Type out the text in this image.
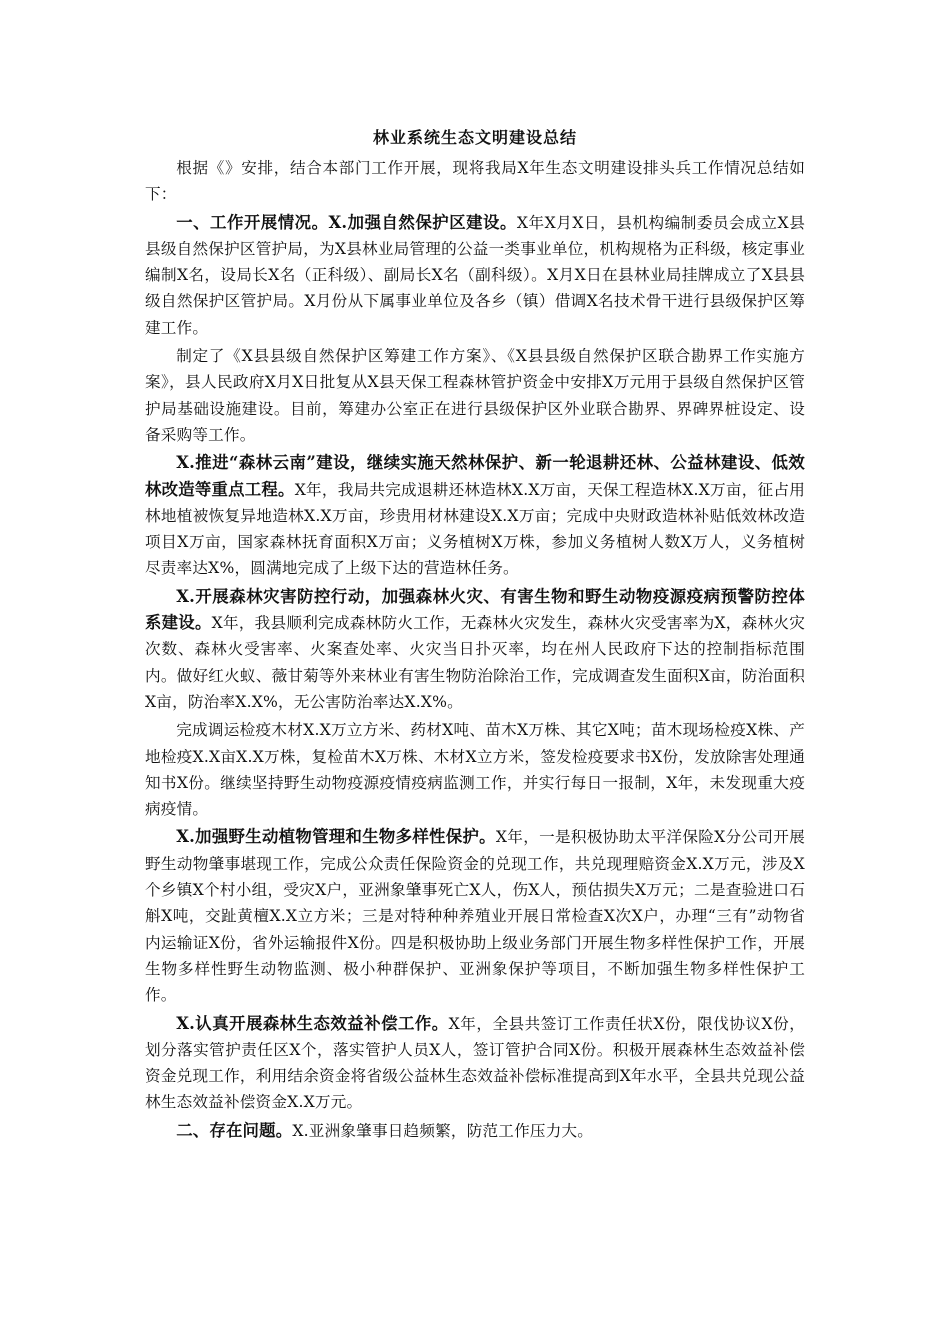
林业系统生态文明建设总结

根据《》安排，结合本部门工作开展，现将我局X年生态文明建设排头兵工作情况总结如下：

一、工作开展情况。X.加强自然保护区建设。X年X月X日，县机构编制委员会成立X县县级自然保护区管护局，为X县林业局管理的公益一类事业单位，机构规格为正科级，核定事业编制X名，设局长X名（正科级）、副局长X名（副科级）。X月X日在县林业局挂牌成立了X县县级自然保护区管护局。X月份从下属事业单位及各乡（镇）借调X名技术骨干进行县级保护区筹建工作。

制定了《X县县级自然保护区筹建工作方案》、《X县县级自然保护区联合勘界工作实施方案》，县人民政府X月X日批复从X县天保工程森林管护资金中安排X万元用于县级自然保护区管护局基础设施建设。目前，筹建办公室正在进行县级保护区外业联合勘界、界碑界桩设定、设备采购等工作。

X.推进“森林云南”建设，继续实施天然林保护、新一轮退耕还林、公益林建设、低效林改造等重点工程。X年，我局共完成退耕还林造林X.X万亩，天保工程造林X.X万亩，征占用林地植被恢复异地造林X.X万亩，珍贵用材林建设X.X万亩；完成中央财政造林补贴低效林改造项目X万亩，国家森林抚育面积X万亩；义务植树X万株，参加义务植树人数X万人，义务植树尽责率达X%，圆满地完成了上级下达的营造林任务。

X.开展森林灾害防控行动，加强森林火灾、有害生物和野生动物疫源疫病预警防控体系建设。X年，我县顺利完成森林防火工作，无森林火灾发生，森林火灾受害率为X，森林火灾次数、森林火受害率、火案查处率、火灾当日扑灭率，均在州人民政府下达的控制指标范围内。做好红火蚁、薇甘菊等外来林业有害生物防治除治工作，完成调查发生面积X亩，防治面积X亩，防治率X.X%，无公害防治率达X.X%。

完成调运检疫木材X.X万立方米、药材X吨、苗木X万株、其它X吨；苗木现场检疫X株、产地检疫X.X亩X.X万株，复检苗木X万株、木材X立方米，签发检疫要求书X份，发放除害处理通知书X份。继续坚持野生动物疫源疫情疫病监测工作，并实行每日一报制，X年，未发现重大疫病疫情。

X.加强野生动植物管理和生物多样性保护。X年，一是积极协助太平洋保险X分公司开展野生动物肇事堪现工作，完成公众责任保险资金的兑现工作，共兑现理赔资金X.X万元，涉及X个乡镇X个村小组，受灾X户，亚洲象肇事死亡X人，伤X人，预估损失X万元；二是查验进口石斛X吨，交趾黄檀X.X立方米；三是对特种种养殖业开展日常检查X次X户，办理“三有”动物省内运输证X份，省外运输报件X份。四是积极协助上级业务部门开展生物多样性保护工作，开展生物多样性野生动物监测、极小种群保护、亚洲象保护等项目，不断加强生物多样性保护工作。

X.认真开展森林生态效益补偿工作。X年，全县共签订工作责任状X份，限伐协议X份，划分落实管护责任区X个，落实管护人员X人，签订管护合同X份。积极开展森林生态效益补偿资金兑现工作，利用结余资金将省级公益林生态效益补偿标准提高到X年水平，全县共兑现公益林生态效益补偿资金X.X万元。

二、存在问题。X.亚洲象肇事日趋频繁，防范工作压力大。
